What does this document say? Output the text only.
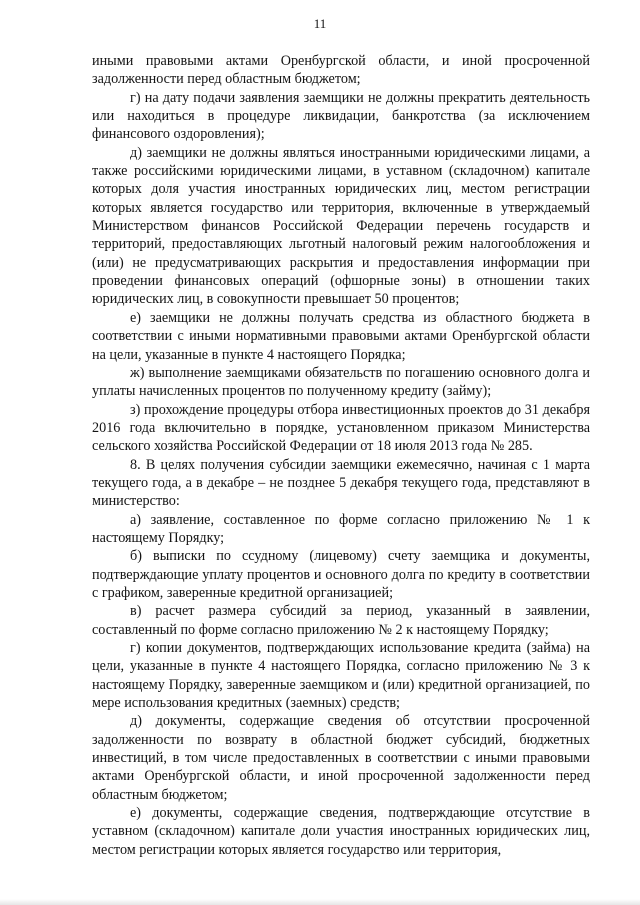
11

иными правовыми актами Оренбургской области, и иной просроченной задолженности перед областным бюджетом;

г) на дату подачи заявления заемщики не должны прекратить деятельность или находиться в процедуре ликвидации, банкротства (за исключением финансового оздоровления);

д) заемщики не должны являться иностранными юридическими лицами, а также российскими юридическими лицами, в уставном (складочном) капитале которых доля участия иностранных юридических лиц, местом регистрации которых является государство или территория, включенные в утверждаемый Министерством финансов Российской Федерации перечень государств и территорий, предоставляющих льготный налоговый режим налогообложения и (или) не предусматривающих раскрытия и предоставления информации при проведении финансовых операций (офшорные зоны) в отношении таких юридических лиц, в совокупности превышает 50 процентов;

е) заемщики не должны получать средства из областного бюджета в соответствии с иными нормативными правовыми актами Оренбургской области на цели, указанные в пункте 4 настоящего Порядка;

ж) выполнение заемщиками обязательств по погашению основного долга и уплаты начисленных процентов по полученному кредиту (займу);

з) прохождение процедуры отбора инвестиционных проектов до 31 декабря 2016 года включительно в порядке, установленном приказом Министерства сельского хозяйства Российской Федерации от 18 июля 2013 года № 285.

8. В целях получения субсидии заемщики ежемесячно, начиная с 1 марта текущего года, а в декабре – не позднее 5 декабря текущего года, представляют в министерство:

а) заявление, составленное по форме согласно приложению № 1 к настоящему Порядку;

б) выписки по ссудному (лицевому) счету заемщика и документы, подтверждающие уплату процентов и основного долга по кредиту в соответствии с графиком, заверенные кредитной организацией;

в) расчет размера субсидий за период, указанный в заявлении, составленный по форме согласно приложению № 2 к настоящему Порядку;

г) копии документов, подтверждающих использование кредита (займа) на цели, указанные в пункте 4 настоящего Порядка, согласно приложению № 3 к настоящему Порядку, заверенные заемщиком и (или) кредитной организацией, по мере использования кредитных (заемных) средств;

д) документы, содержащие сведения об отсутствии просроченной задолженности по возврату в областной бюджет субсидий, бюджетных инвестиций, в том числе предоставленных в соответствии с иными правовыми актами Оренбургской области, и иной просроченной задолженности перед областным бюджетом;

е) документы, содержащие сведения, подтверждающие отсутствие в уставном (складочном) капитале доли участия иностранных юридических лиц, местом регистрации которых является государство или территория,
